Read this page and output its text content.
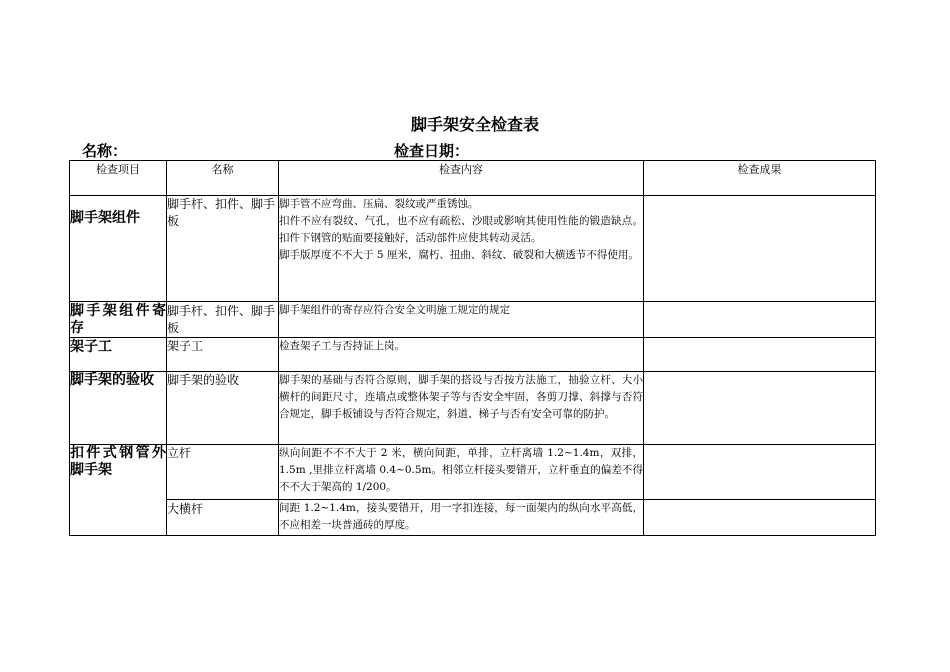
脚手架安全检查表
名称：	检查日期：
检查项目	名称	检查内容	检查成果
脚手架组件	脚手杆、扣件、脚手板	脚手管不应弯曲、压扁、裂纹或严重锈蚀。
扣件不应有裂纹、气孔，也不应有疏松、沙眼或影响其使用性能的锻造缺点。扣件下钢管的贴面要接触好，活动部件应使其转动灵活。
脚手版厚度不不大于 5 厘米，腐朽、扭曲、斜纹、破裂和大横透节不得使用。	

脚手架组件寄存	脚手杆、扣件、脚手板	脚手架组件的寄存应符合安全文明施工规定的规定	

架子工	架子工	检查架子工与否持证上岗。	

脚手架的验收	脚手架的验收	脚手架的基础与否符合原则，脚手架的搭设与否按方法施工，抽验立杆、大小横杆的间距尺寸，连墙点或整体架子等与否安全牢固，各剪刀撑、斜撑与否符合规定，脚手板铺设与否符合规定，斜道、梯子与否有安全可靠的防护。	

扣件式钢管外脚手架	立杆	纵向间距不不不大于 2 米，横向间距，单排，立杆离墙 1.2~1.4m，双排，1.5m ,里排立杆离墙 0.4~0.5m。相邻立杆接头要错开，立杆垂直的偏差不得不不大于架高的 1/200。	

	大横杆	间距 1.2~1.4m，接头要错开，用一字扣连接，每一面架内的纵向水平高低，不应相差一块普通砖的厚度。	
